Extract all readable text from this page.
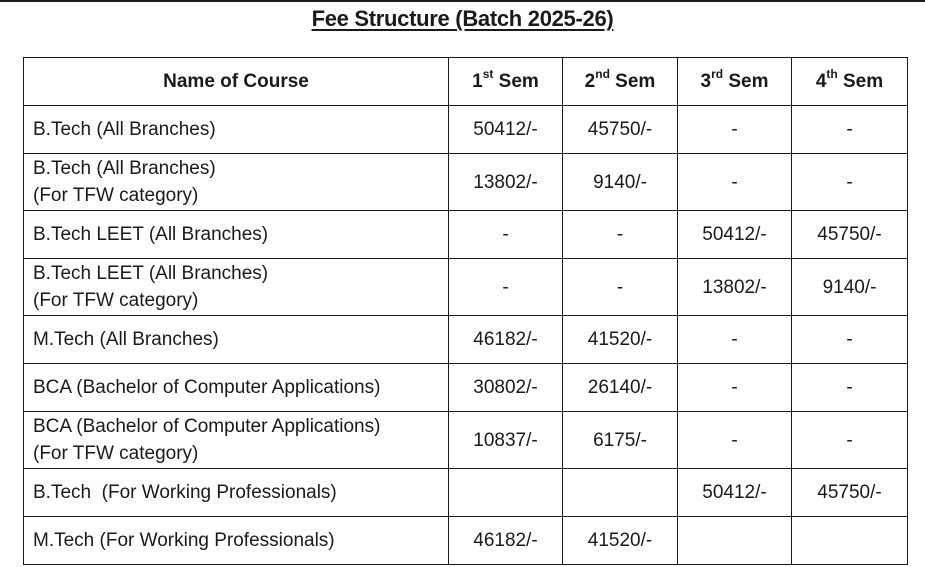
Fee Structure (Batch 2025-26)
Name of Course	1st Sem	2nd Sem	3rd Sem	4th Sem

B.Tech (All Branches)	50412/-	45750/-	-	-

B.Tech (All Branches)
(For TFW category)	13802/-	9140/-	-	-

B.Tech LEET (All Branches)	-	-	50412/-	45750/-

B.Tech LEET (All Branches)
(For TFW category)	-	-	13802/-	9140/-

M.Tech (All Branches)	46182/-	41520/-	-	-

BCA (Bachelor of Computer Applications)	30802/-	26140/-	-	-

BCA (Bachelor of Computer Applications)
(For TFW category)	10837/-	6175/-	-	-

B.Tech  (For Working Professionals)			50412/-	45750/-

M.Tech (For Working Professionals)	46182/-	41520/-		
